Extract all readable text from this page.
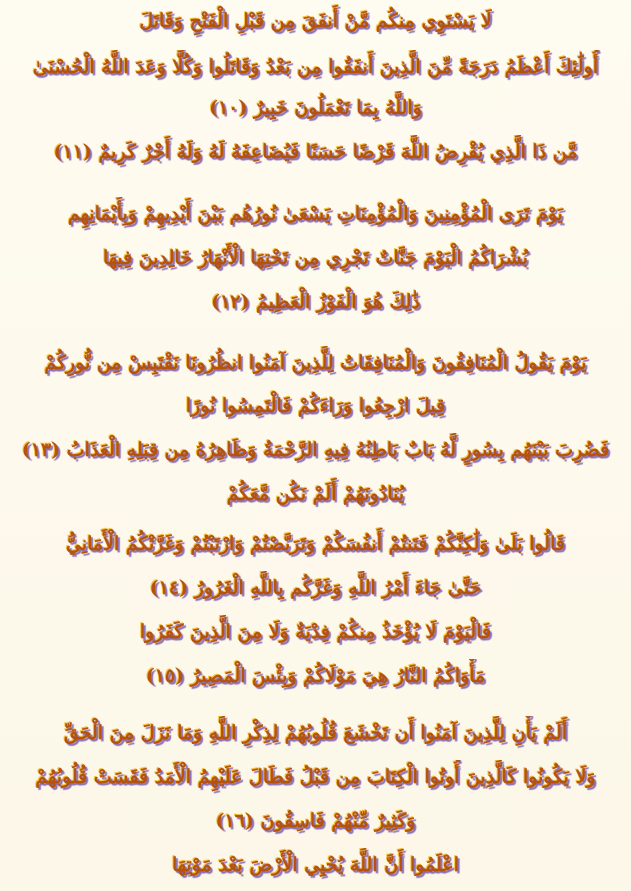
لَا يَسْتَوِي مِنكُم مَّنْ أَنفَقَ مِن قَبْلِ الْفَتْحِ وَقَاتَلَ
أُولَٰئِكَ أَعْظَمُ دَرَجَةً مِّنَ الَّذِينَ أَنفَقُوا مِن بَعْدُ وَقَاتَلُوا وَكُلًّا وَعَدَ اللَّهُ الْحُسْنَىٰ
وَاللَّهُ بِمَا تَعْمَلُونَ خَبِيرٌ (١٠)
مَّن ذَا الَّذِي يُقْرِضُ اللَّهَ قَرْضًا حَسَنًا فَيُضَاعِفَهُ لَهُ وَلَهُ أَجْرٌ كَرِيمٌ (١١)
يَوْمَ تَرَى الْمُؤْمِنِينَ وَالْمُؤْمِنَاتِ يَسْعَىٰ نُورُهُم بَيْنَ أَيْدِيهِمْ وَبِأَيْمَانِهِم
بُشْرَاكُمُ الْيَوْمَ جَنَّاتٌ تَجْرِي مِن تَحْتِهَا الْأَنْهَارُ خَالِدِينَ فِيهَا
ذَٰلِكَ هُوَ الْفَوْزُ الْعَظِيمُ (١٢)
يَوْمَ يَقُولُ الْمُنَافِقُونَ وَالْمُنَافِقَاتُ لِلَّذِينَ آمَنُوا انظُرُونَا نَقْتَبِسْ مِن نُّورِكُمْ
قِيلَ ارْجِعُوا وَرَاءَكُمْ فَالْتَمِسُوا نُورًا
فَضُرِبَ بَيْنَهُم بِسُورٍ لَّهُ بَابٌ بَاطِنُهُ فِيهِ الرَّحْمَةُ وَظَاهِرُهُ مِن قِبَلِهِ الْعَذَابُ (١٣)
يُنَادُونَهُمْ أَلَمْ نَكُن مَّعَكُمْ
قَالُوا بَلَىٰ وَلَٰكِنَّكُمْ فَتَنتُمْ أَنفُسَكُمْ وَتَرَبَّصْتُمْ وَارْتَبْتُمْ وَغَرَّتْكُمُ الْأَمَانِيُّ
حَتَّىٰ جَاءَ أَمْرُ اللَّهِ وَغَرَّكُم بِاللَّهِ الْغَرُورُ (١٤)
فَالْيَوْمَ لَا يُؤْخَذُ مِنكُمْ فِدْيَةٌ وَلَا مِنَ الَّذِينَ كَفَرُوا
مَأْوَاكُمُ النَّارُ هِيَ مَوْلَاكُمْ وَبِئْسَ الْمَصِيرُ (١٥)
أَلَمْ يَأْنِ لِلَّذِينَ آمَنُوا أَن تَخْشَعَ قُلُوبُهُمْ لِذِكْرِ اللَّهِ وَمَا نَزَلَ مِنَ الْحَقِّ
وَلَا يَكُونُوا كَالَّذِينَ أُوتُوا الْكِتَابَ مِن قَبْلُ فَطَالَ عَلَيْهِمُ الْأَمَدُ فَقَسَتْ قُلُوبُهُمْ
وَكَثِيرٌ مِّنْهُمْ فَاسِقُونَ (١٦)
اعْلَمُوا أَنَّ اللَّهَ يُحْيِي الْأَرْضَ بَعْدَ مَوْتِهَا
